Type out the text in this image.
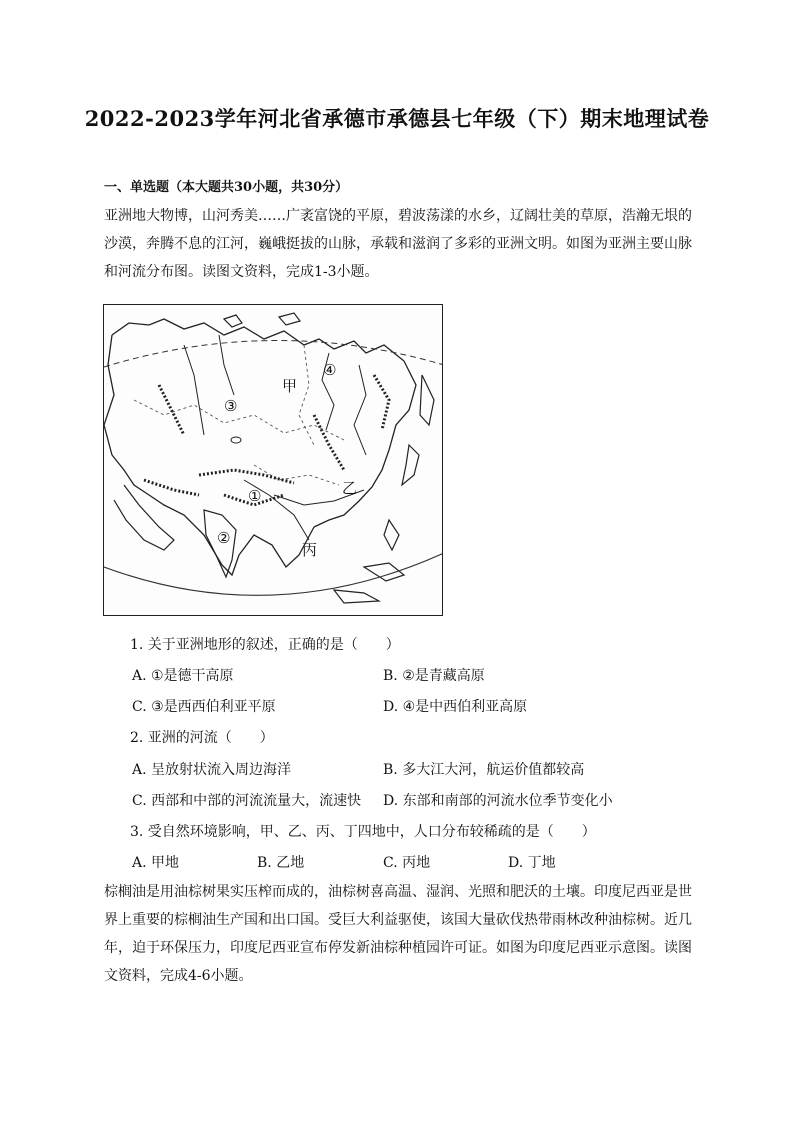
2022-2023学年河北省承德市承德县七年级（下）期末地理试卷
一、单选题（本大题共30小题，共30分）
亚洲地大物博，山河秀美……广袤富饶的平原，碧波荡漾的水乡，辽阔壮美的草原，浩瀚无垠的沙漠，奔腾不息的江河，巍峨挺拔的山脉，承载和滋润了多彩的亚洲文明。如图为亚洲主要山脉和河流分布图。读图文资料，完成1-3小题。
甲
乙
丙
①
②
③
④
1. 关于亚洲地形的叙述，正确的是（　　）
A. ①是德干高原	B. ②是青藏高原
C. ③是西西伯利亚平原	D. ④是中西伯利亚高原
2. 亚洲的河流（　　）
A. 呈放射状流入周边海洋	B. 多大江大河，航运价值都较高
C. 西部和中部的河流流量大，流速快 D. 东部和南部的河流水位季节变化小
3. 受自然环境影响，甲、乙、丙、丁四地中，人口分布较稀疏的是（　　）
A. 甲地	B. 乙地	C. 丙地	D. 丁地
棕榈油是用油棕树果实压榨而成的，油棕树喜高温、湿润、光照和肥沃的土壤。印度尼西亚是世界上重要的棕榈油生产国和出口国。受巨大利益驱使，该国大量砍伐热带雨林改种油棕树。近几年，迫于环保压力，印度尼西亚宣布停发新油棕种植园许可证。如图为印度尼西亚示意图。读图文资料，完成4-6小题。
